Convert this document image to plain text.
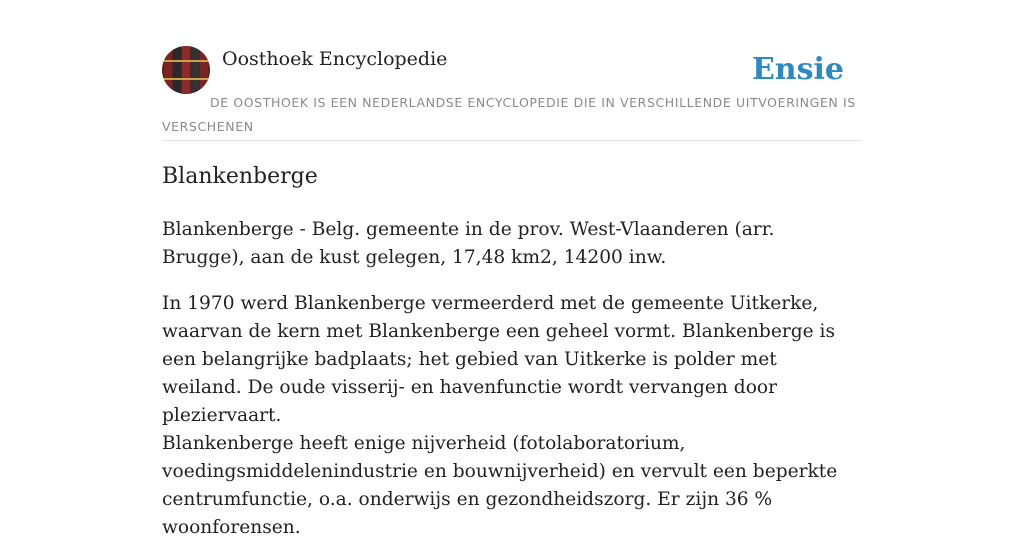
Oosthoek Encyclopedie
DE OOSTHOEK IS EEN NEDERLANDSE ENCYCLOPEDIE DIE IN VERSCHILLENDE UITVOERINGEN IS VERSCHENEN
Ensie
Blankenberge

Blankenberge - Belg. gemeente in de prov. West-Vlaanderen (arr. Brugge), aan de kust gelegen, 17,48 km2, 14200 inw.

In 1970 werd Blankenberge vermeerderd met de gemeente Uitkerke, waarvan de kern met Blankenberge een geheel vormt. Blankenberge is een belangrijke badplaats; het gebied van Uitkerke is polder met weiland. De oude visserij- en havenfunctie wordt vervangen door pleziervaart.

Blankenberge heeft enige nijverheid (fotolaboratorium, voedingsmiddelenindustrie en bouwnijverheid) en vervult een beperkte centrumfunctie, o.a. onderwijs en gezondheidszorg. Er zijn 36 % woonforensen.
